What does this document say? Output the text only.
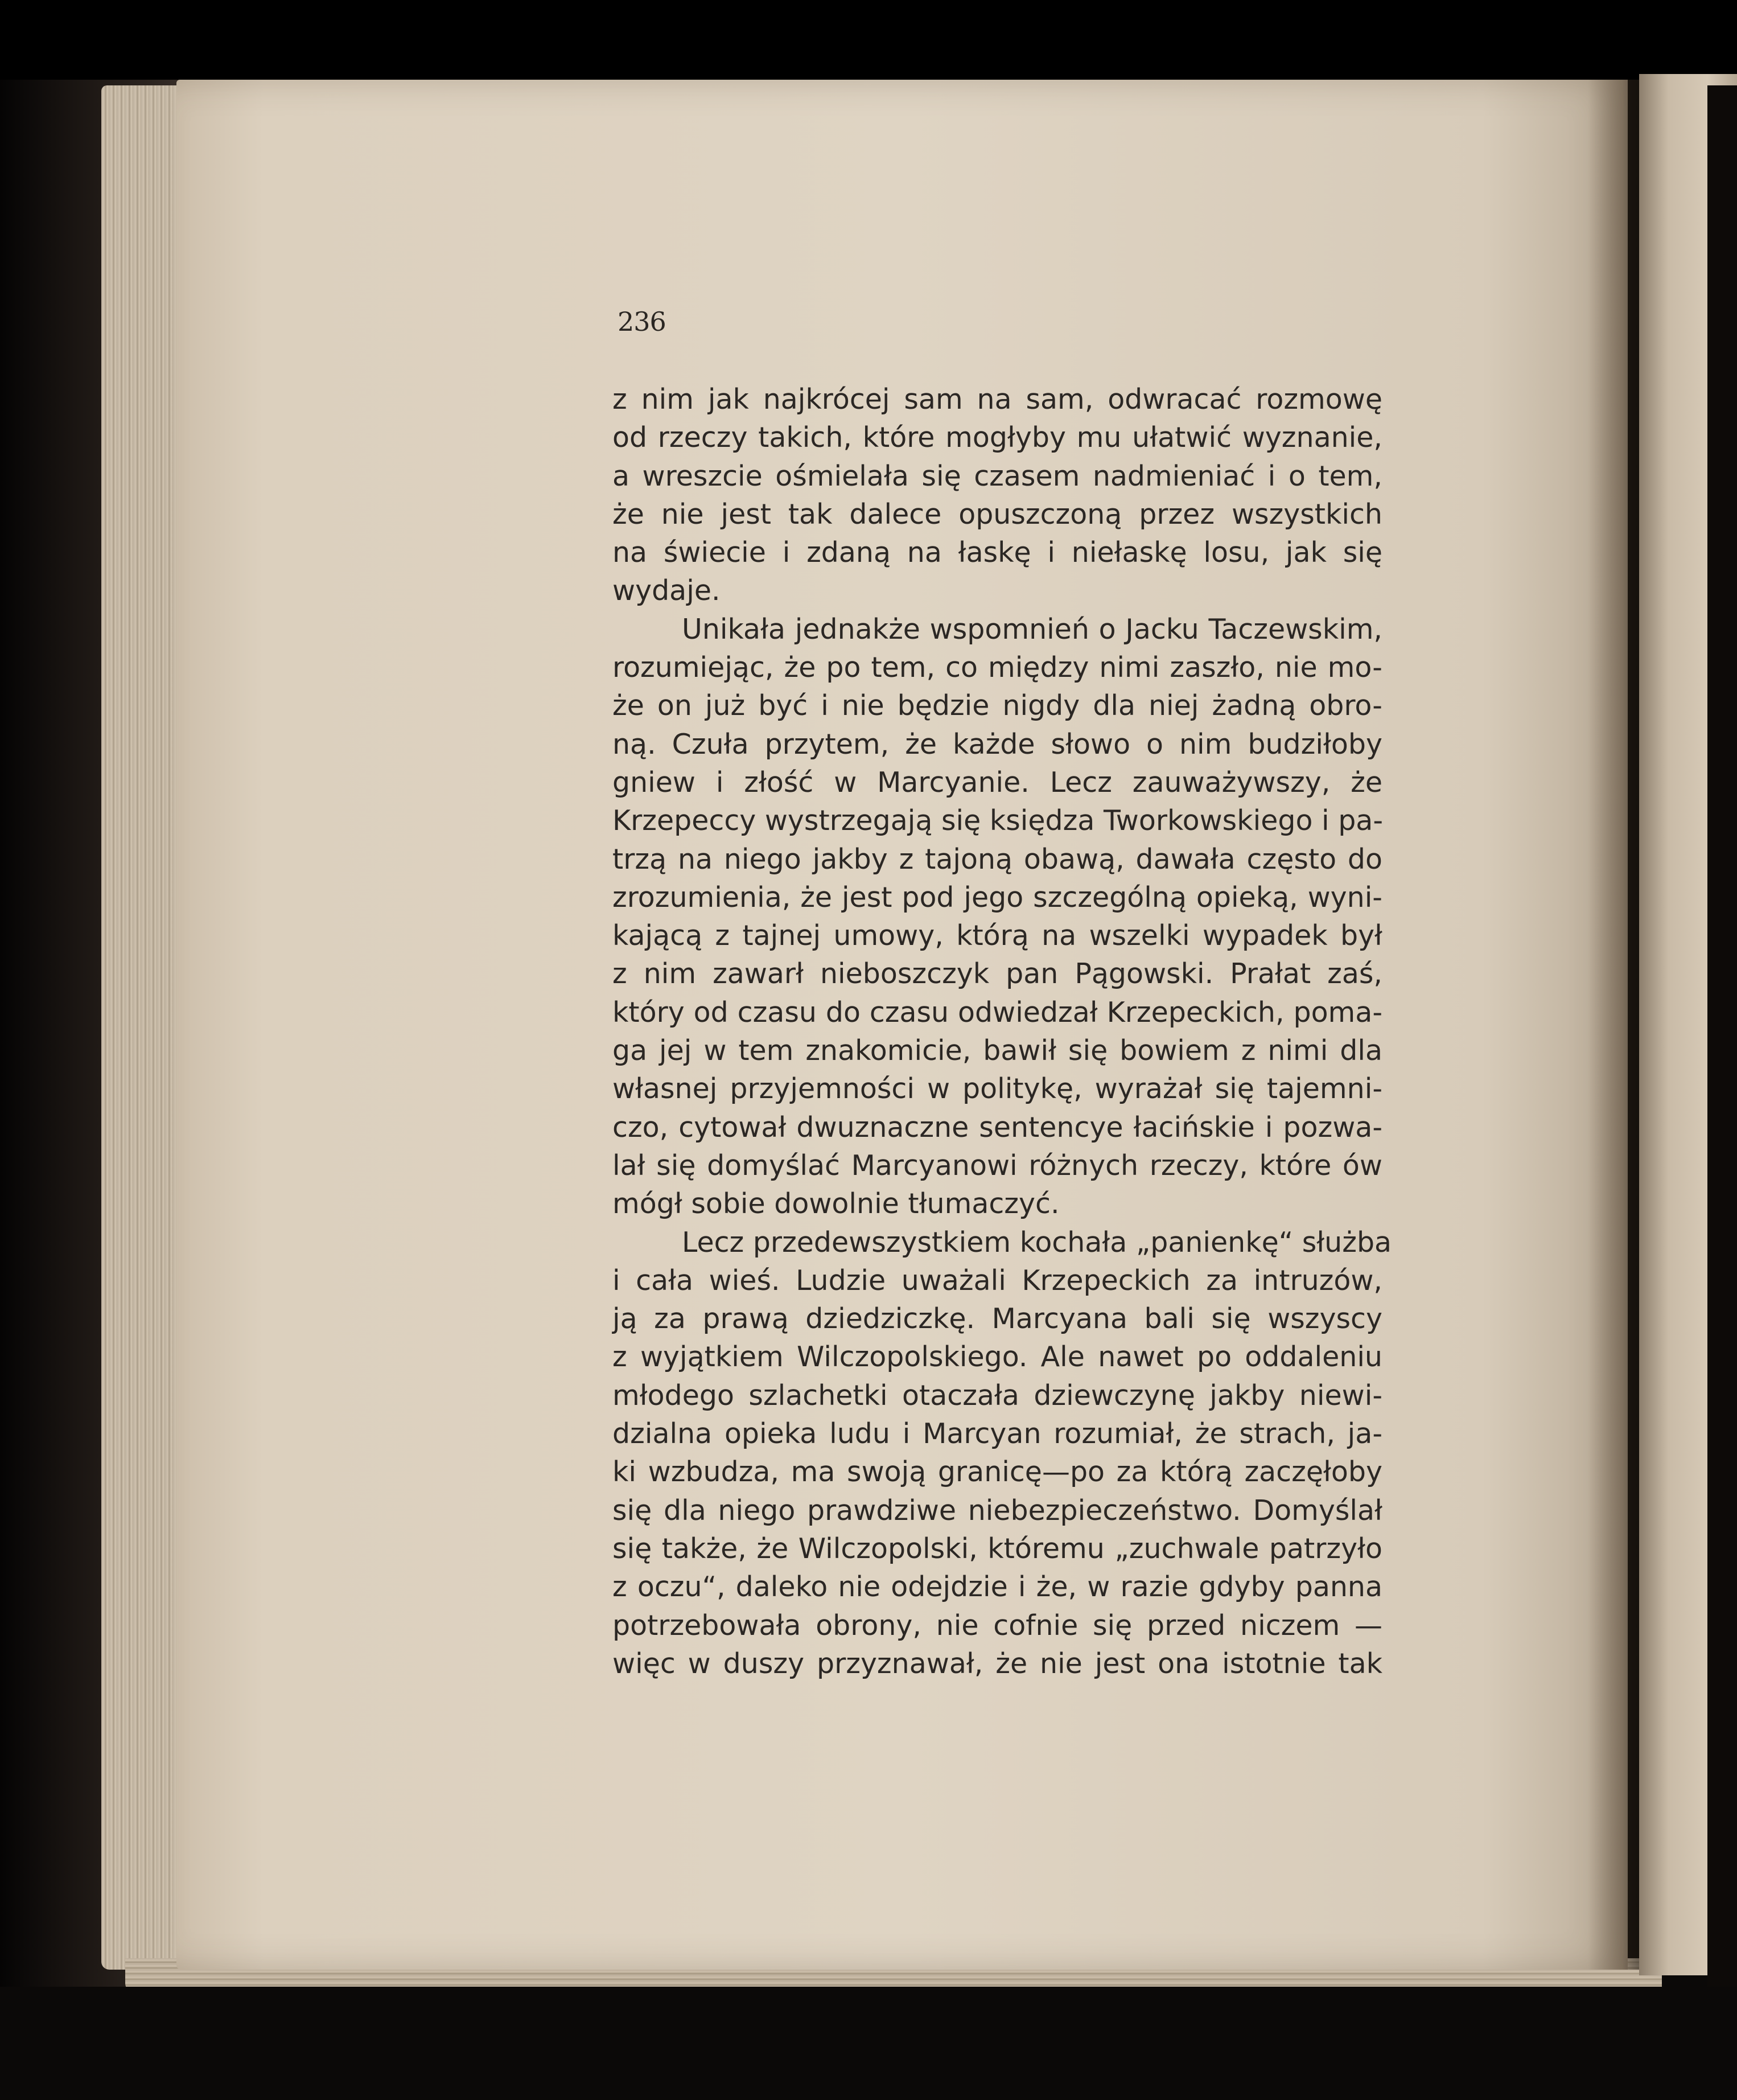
236
z nim jak najkrócej sam na sam, odwracać rozmowę
od rzeczy takich, które mogłyby mu ułatwić wyznanie,
a wreszcie ośmielała się czasem nadmieniać i o tem,
że nie jest tak dalece opuszczoną przez wszystkich
na świecie i zdaną na łaskę i niełaskę losu, jak się
wydaje.
Unikała jednakże wspomnień o Jacku Taczewskim,
rozumiejąc, że po tem, co między nimi zaszło, nie mo-
że on już być i nie będzie nigdy dla niej żadną obro-
ną. Czuła przytem, że każde słowo o nim budziłoby
gniew i złość w Marcyanie. Lecz zauważywszy, że
Krzepeccy wystrzegają się księdza Tworkowskiego i pa-
trzą na niego jakby z tajoną obawą, dawała często do
zrozumienia, że jest pod jego szczególną opieką, wyni-
kającą z tajnej umowy, którą na wszelki wypadek był
z nim zawarł nieboszczyk pan Pągowski. Prałat zaś,
który od czasu do czasu odwiedzał Krzepeckich, poma-
ga jej w tem znakomicie, bawił się bowiem z nimi dla
własnej przyjemności w politykę, wyrażał się tajemni-
czo, cytował dwuznaczne sentencye łacińskie i pozwa-
lał się domyślać Marcyanowi różnych rzeczy, które ów
mógł sobie dowolnie tłumaczyć.
Lecz przedewszystkiem kochała „panienkę“ służba
i cała wieś. Ludzie uważali Krzepeckich za intruzów,
ją za prawą dziedziczkę. Marcyana bali się wszyscy
z wyjątkiem Wilczopolskiego. Ale nawet po oddaleniu
młodego szlachetki otaczała dziewczynę jakby niewi-
dzialna opieka ludu i Marcyan rozumiał, że strach, ja-
ki wzbudza, ma swoją granicę—po za którą zaczęłoby
się dla niego prawdziwe niebezpieczeństwo. Domyślał
się także, że Wilczopolski, któremu „zuchwale patrzyło
z oczu“, daleko nie odejdzie i że, w razie gdyby panna
potrzebowała obrony, nie cofnie się przed niczem —
więc w duszy przyznawał, że nie jest ona istotnie tak
